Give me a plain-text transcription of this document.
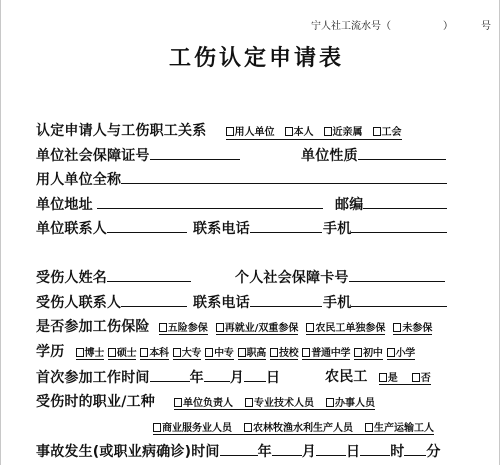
宁人社工流水号（	）	号
工伤认定申请表
认定申请人与工伤职工关系	用人单位 本人 近亲属 工会
单位社会保障证号	单位性质
用人单位全称
单位地址	邮编
单位联系人	联系电话	手机
受伤人姓名	个人社会保障卡号
受伤人联系人	联系电话	手机
是否参加工伤保险 五险参保 再就业/双重参保 农民工单独参保 未参保
学历 博士 硕士 本科 大专 中专 职高 技校 普通中学 初中 小学
首次参加工作时间	年 月 日	农民工 是 否
受伤时的职业/工种	单位负责人 专业技术人员 办事人员
商业服务业人员 农林牧渔水利生产人员 生产运输工人
事故发生(或职业病确诊)时间	年 月 日 时 分
